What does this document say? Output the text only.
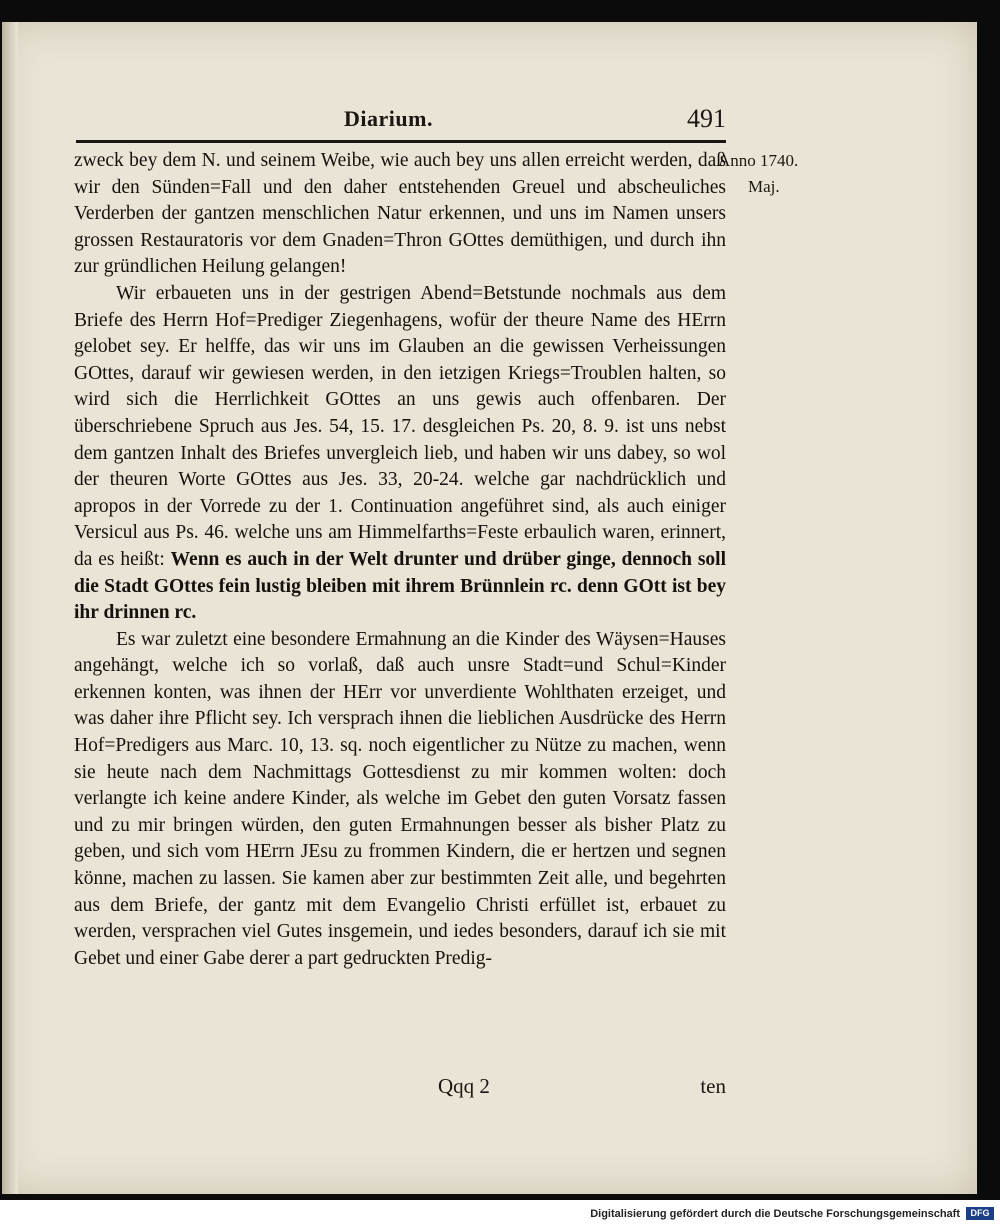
Diarium.	491
Anno 1740.
Maj.

zweck bey dem N. und seinem Weibe, wie auch bey uns allen erreicht werden, daß wir den Sünden=Fall und den daher entstehenden Greuel und abscheuliches Verderben der gantzen menschlichen Natur erkennen, und uns im Namen unsers grossen Restauratoris vor dem Gnaden=Thron GOttes demüthigen, und durch ihn zur gründlichen Heilung gelangen!

Wir erbaueten uns in der gestrigen Abend=Betstunde nochmals aus dem Briefe des Herrn Hof=Prediger Ziegenhagens, wofür der theure Name des HErrn gelobet sey. Er helffe, das wir uns im Glauben an die gewissen Verheissungen GOttes, darauf wir gewiesen werden, in den ietzigen Kriegs=Troublen halten, so wird sich die Herrlichkeit GOttes an uns gewis auch offenbaren. Der überschriebene Spruch aus Jes. 54, 15. 17. desgleichen Ps. 20, 8. 9. ist uns nebst dem gantzen Inhalt des Briefes unvergleich lieb, und haben wir uns dabey, so wol der theuren Worte GOttes aus Jes. 33, 20-24. welche gar nachdrücklich und apropos in der Vorrede zu der 1. Continuation angeführet sind, als auch einiger Versicul aus Ps. 46. welche uns am Himmelfarths=Feste erbaulich waren, erinnert, da es heißt: Wenn es auch in der Welt drunter und drüber ginge, dennoch soll die Stadt GOttes fein lustig bleiben mit ihrem Brünnlein rc. denn GOtt ist bey ihr drinnen rc.

Es war zuletzt eine besondere Ermahnung an die Kinder des Wäysen=Hauses angehängt, welche ich so vorlaß, daß auch unsre Stadt=und Schul=Kinder erkennen konten, was ihnen der HErr vor unverdiente Wohlthaten erzeiget, und was daher ihre Pflicht sey. Ich versprach ihnen die lieblichen Ausdrücke des Herrn Hof=Predigers aus Marc. 10, 13. sq. noch eigentlicher zu Nütze zu machen, wenn sie heute nach dem Nachmittags Gottesdienst zu mir kommen wolten: doch verlangte ich keine andere Kinder, als welche im Gebet den guten Vorsatz fassen und zu mir bringen würden, den guten Ermahnungen besser als bisher Platz zu geben, und sich vom HErrn JEsu zu frommen Kindern, die er hertzen und segnen könne, machen zu lassen. Sie kamen aber zur bestimmten Zeit alle, und begehrten aus dem Briefe, der gantz mit dem Evangelio Christi erfüllet ist, erbauet zu werden, versprachen viel Gutes insgemein, und iedes besonders, darauf ich sie mit Gebet und einer Gabe derer a part gedruckten Predig-

Qqq 2	ten
Digitalisierung gefördert durch die Deutsche Forschungsgemeinschaft	DFG
